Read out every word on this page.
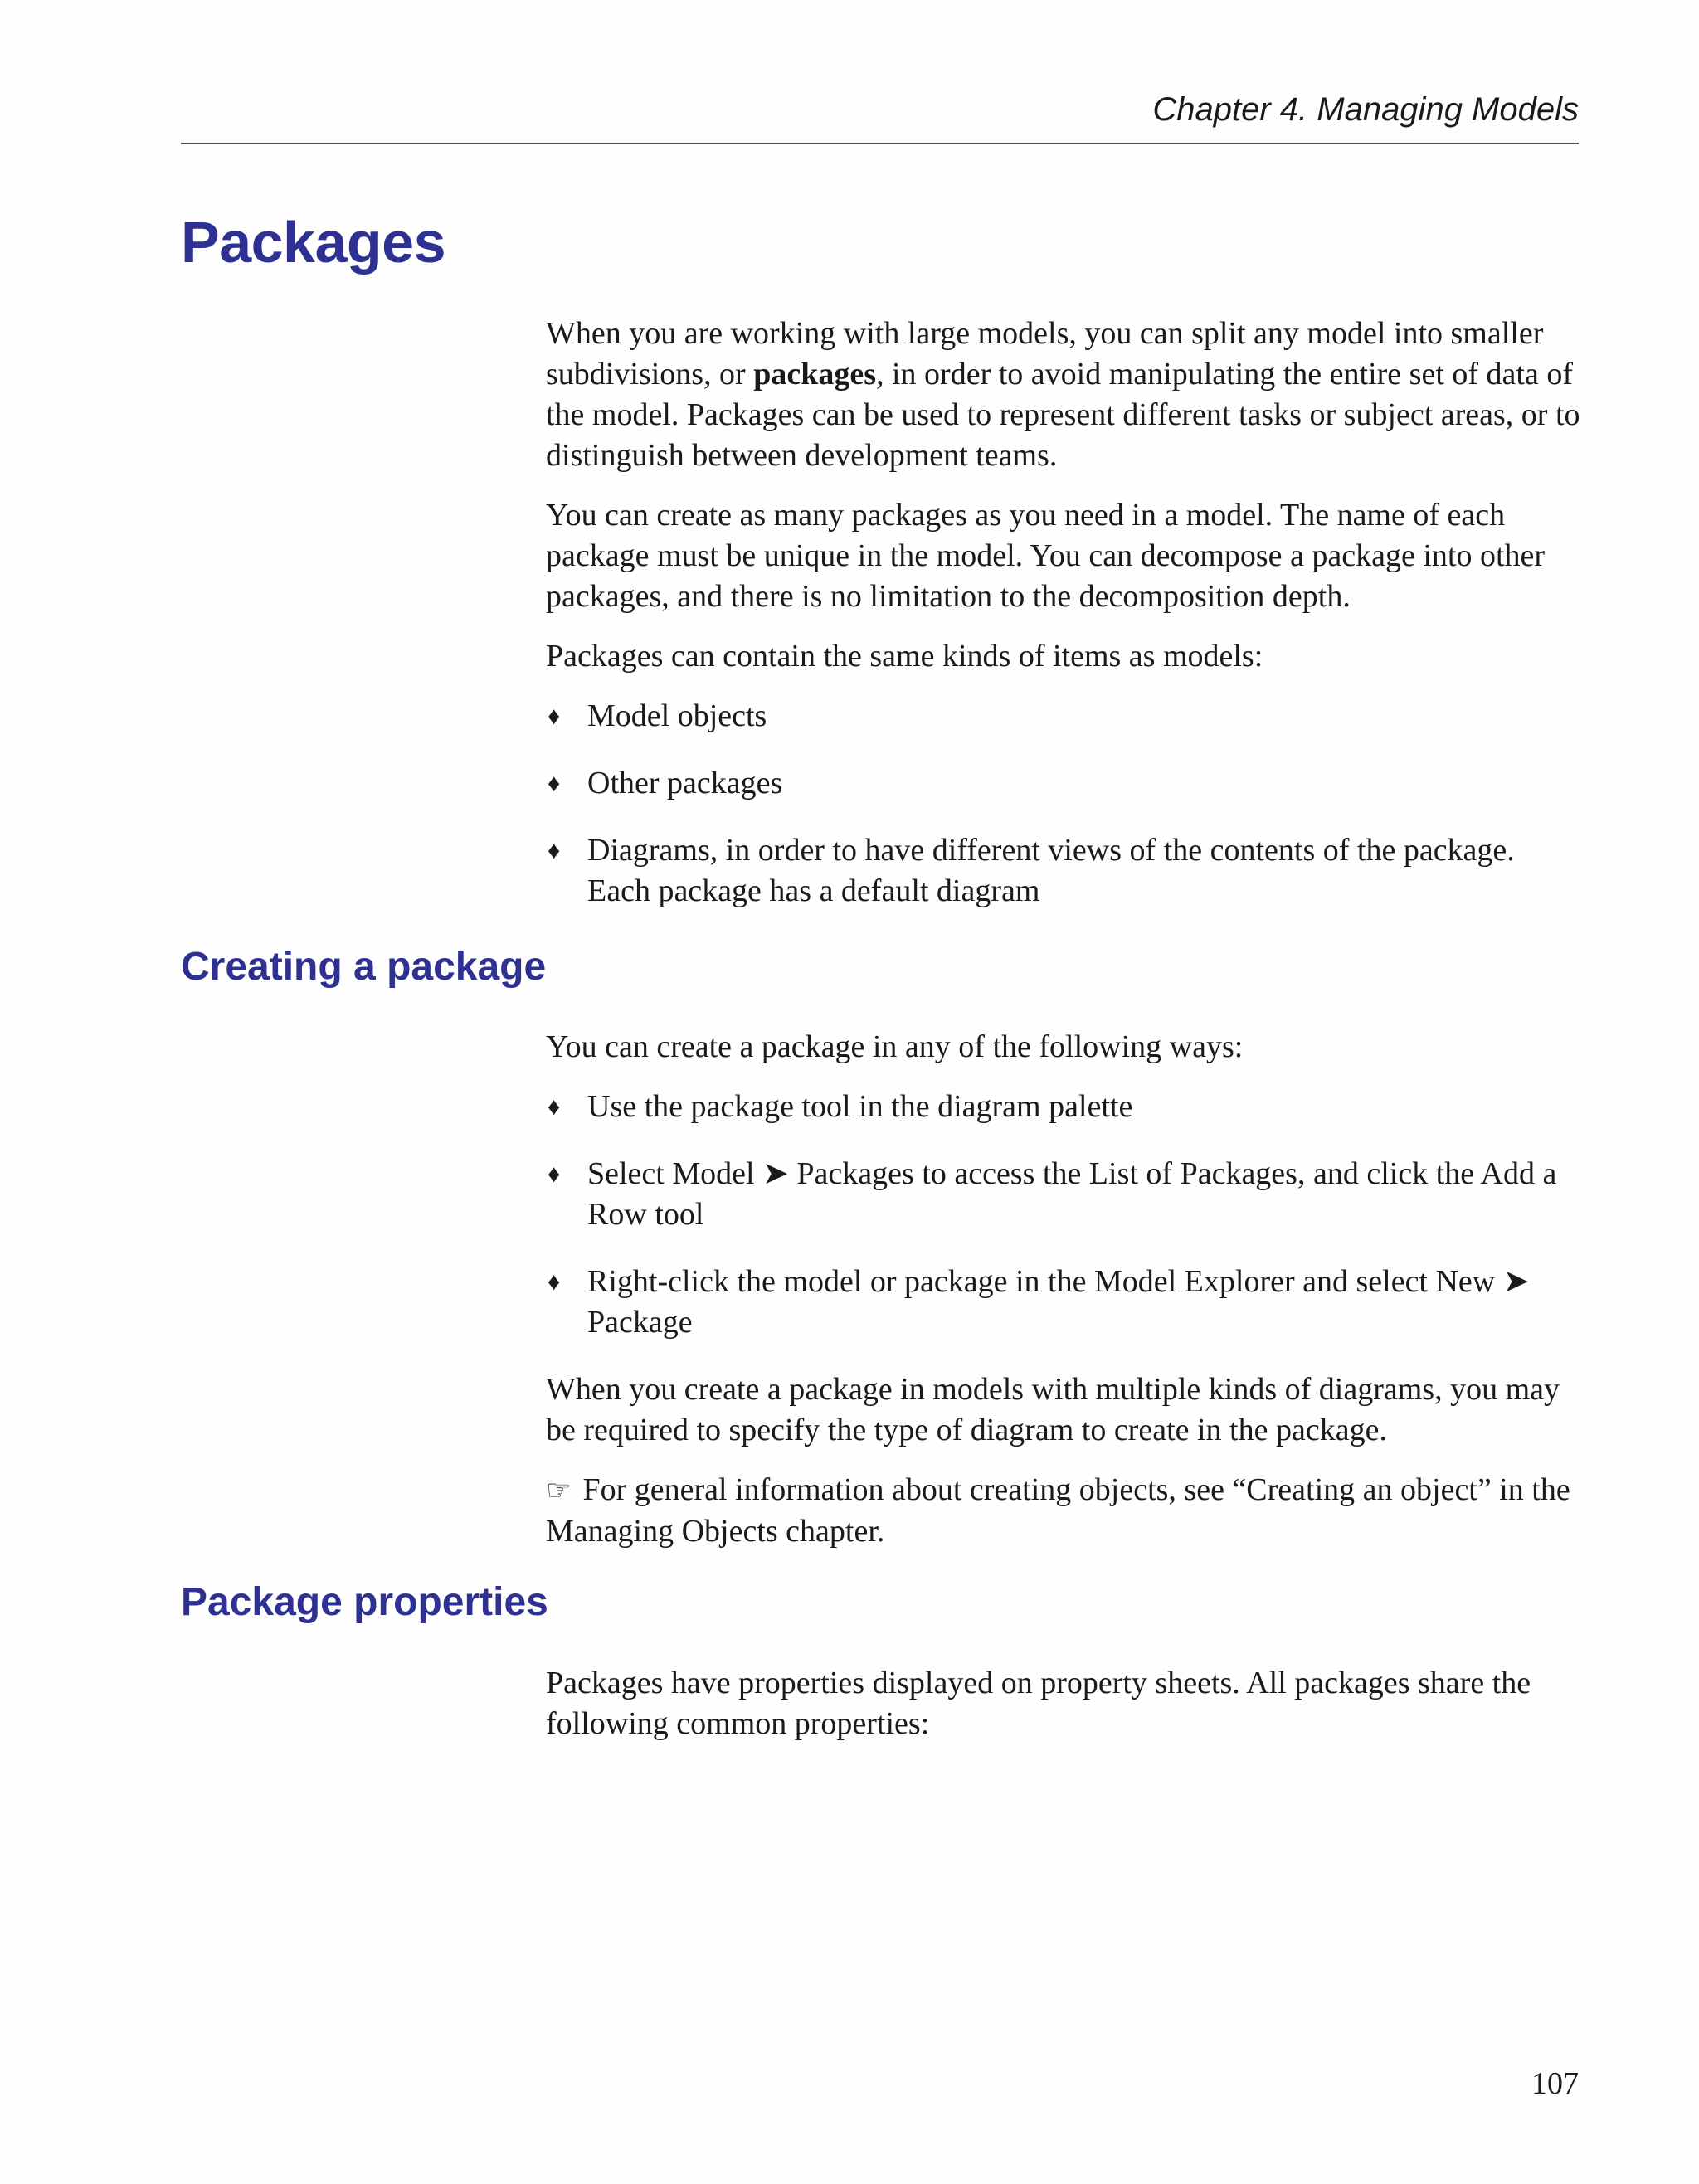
Chapter 4. Managing Models
Packages

When you are working with large models, you can split any model into smaller subdivisions, or packages, in order to avoid manipulating the entire set of data of the model. Packages can be used to represent different tasks or subject areas, or to distinguish between development teams.

You can create as many packages as you need in a model. The name of each package must be unique in the model. You can decompose a package into other packages, and there is no limitation to the decomposition depth.

Packages can contain the same kinds of items as models:

♦ Model objects
♦ Other packages
♦ Diagrams, in order to have different views of the contents of the package. Each package has a default diagram
Creating a package

You can create a package in any of the following ways:

♦ Use the package tool in the diagram palette
♦ Select Model ➤ Packages to access the List of Packages, and click the Add a Row tool
♦ Right-click the model or package in the Model Explorer and select New ➤ Package

When you create a package in models with multiple kinds of diagrams, you may be required to specify the type of diagram to create in the package.

☞ For general information about creating objects, see “Creating an object” in the Managing Objects chapter.

Package properties

Packages have properties displayed on property sheets. All packages share the following common properties:

107
